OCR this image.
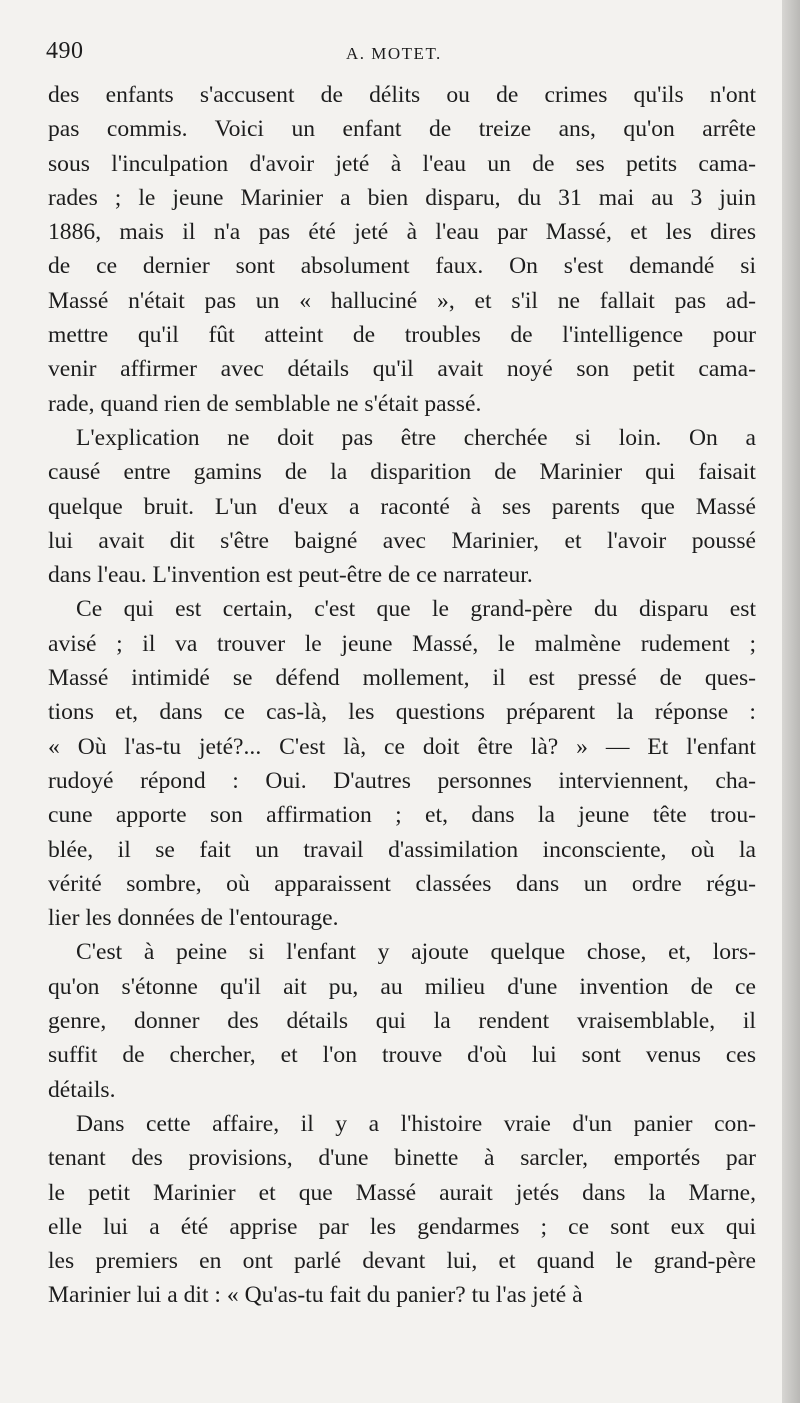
490	A. MOTET.
des enfants s'accusent de délits ou de crimes qu'ils n'ont
pas commis. Voici un enfant de treize ans, qu'on arrête
sous l'inculpation d'avoir jeté à l'eau un de ses petits cama-
rades ; le jeune Marinier a bien disparu, du 31 mai au 3 juin
1886, mais il n'a pas été jeté à l'eau par Massé, et les dires
de ce dernier sont absolument faux. On s'est demandé si
Massé n'était pas un « halluciné », et s'il ne fallait pas ad-
mettre qu'il fût atteint de troubles de l'intelligence pour
venir affirmer avec détails qu'il avait noyé son petit cama-
rade, quand rien de semblable ne s'était passé.
L'explication ne doit pas être cherchée si loin. On a
causé entre gamins de la disparition de Marinier qui faisait
quelque bruit. L'un d'eux a raconté à ses parents que Massé
lui avait dit s'être baigné avec Marinier, et l'avoir poussé
dans l'eau. L'invention est peut-être de ce narrateur.
Ce qui est certain, c'est que le grand-père du disparu est
avisé ; il va trouver le jeune Massé, le malmène rudement ;
Massé intimidé se défend mollement, il est pressé de ques-
tions et, dans ce cas-là, les questions préparent la réponse :
« Où l'as-tu jeté?... C'est là, ce doit être là? » — Et l'enfant
rudoyé répond : Oui. D'autres personnes interviennent, cha-
cune apporte son affirmation ; et, dans la jeune tête trou-
blée, il se fait un travail d'assimilation inconsciente, où la
vérité sombre, où apparaissent classées dans un ordre régu-
lier les données de l'entourage.
C'est à peine si l'enfant y ajoute quelque chose, et, lors-
qu'on s'étonne qu'il ait pu, au milieu d'une invention de ce
genre, donner des détails qui la rendent vraisemblable, il
suffit de chercher, et l'on trouve d'où lui sont venus ces
détails.
Dans cette affaire, il y a l'histoire vraie d'un panier con-
tenant des provisions, d'une binette à sarcler, emportés par
le petit Marinier et que Massé aurait jetés dans la Marne,
elle lui a été apprise par les gendarmes ; ce sont eux qui
les premiers en ont parlé devant lui, et quand le grand-père
Marinier lui a dit : « Qu'as-tu fait du panier? tu l'as jeté à
